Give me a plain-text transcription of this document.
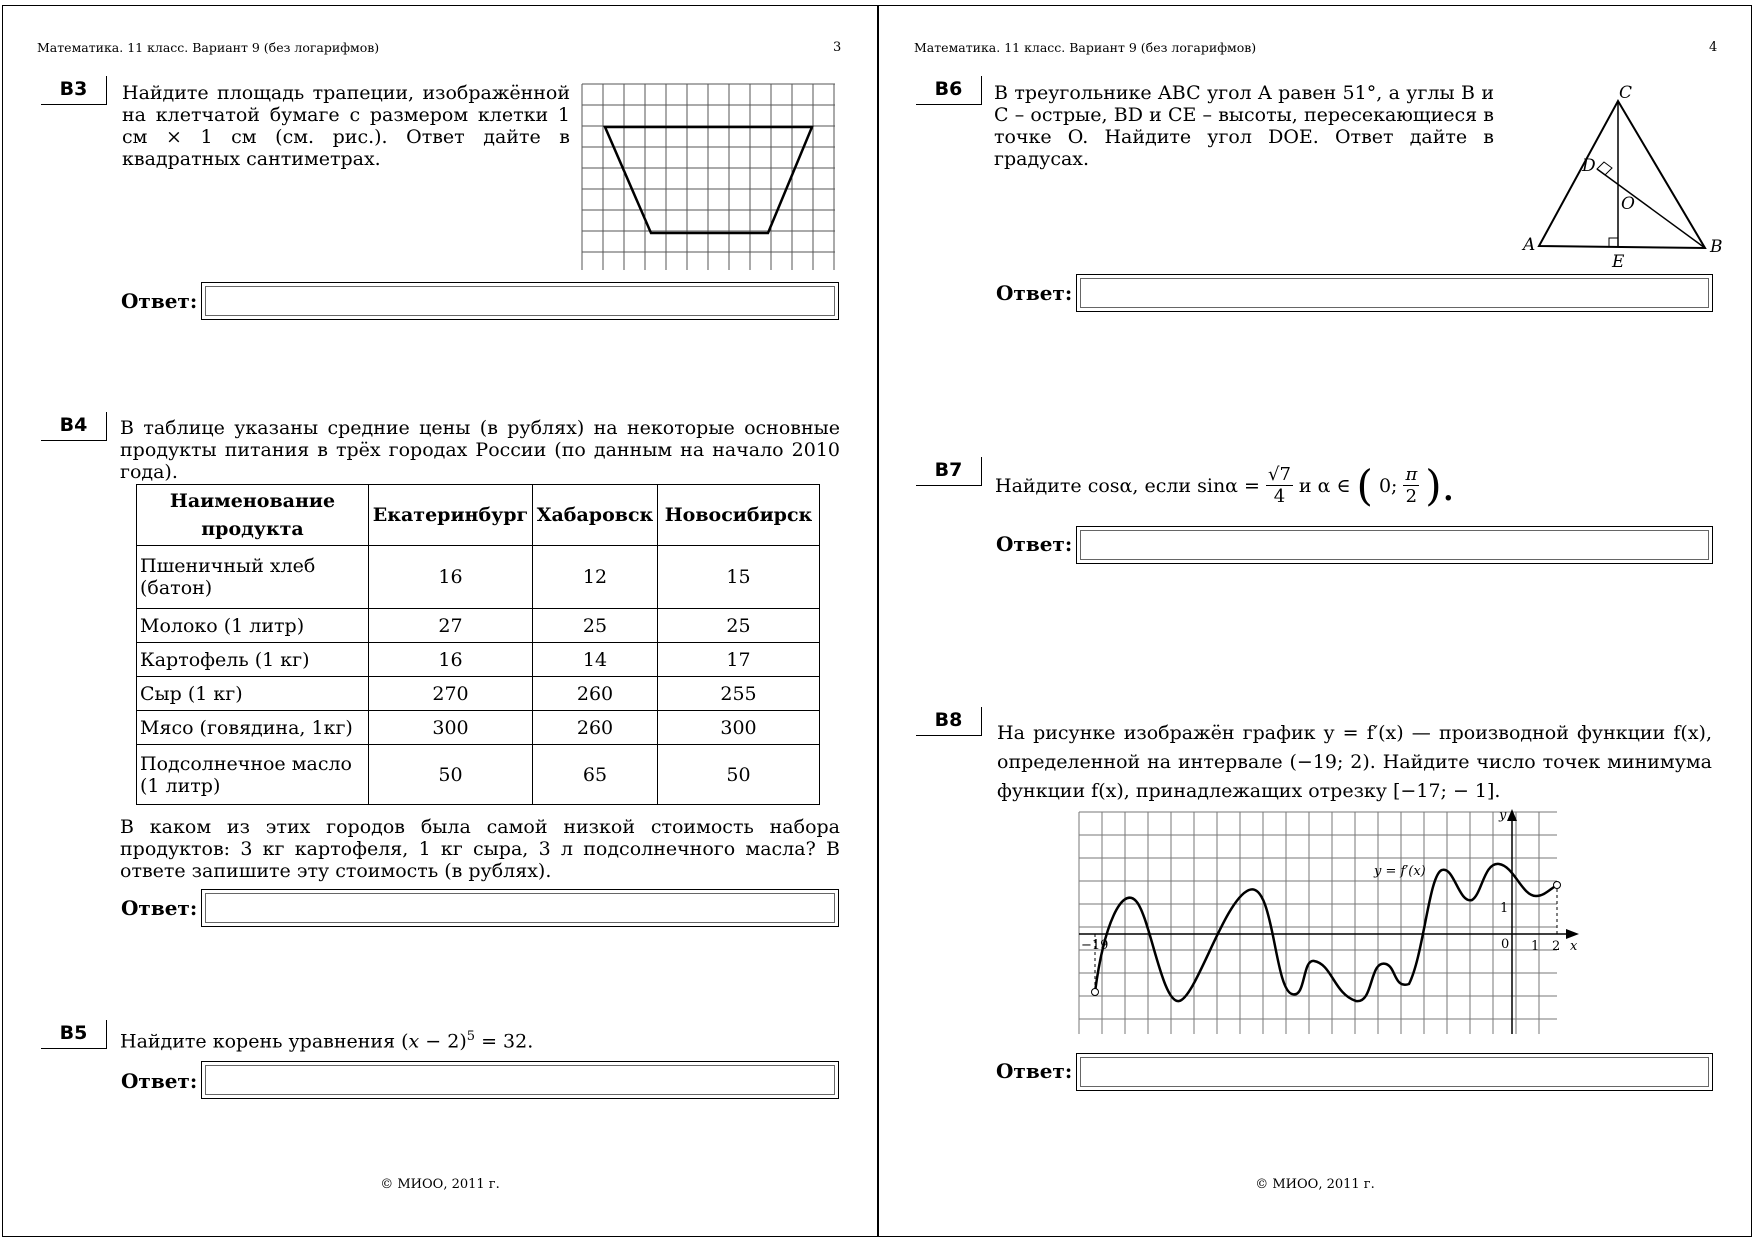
Математика. 11 класс. Вариант 9 (без логарифмов)	3
B3	Найдите площадь трапеции, изображённой на клетчатой бумаге с размером клетки 1 см × 1 см (см. рис.). Ответ дайте в квадратных сантиметрах.
Ответ:
B4	В таблице указаны средние цены (в рублях) на некоторые основные продукты питания в трёх городах России (по данным на начало 2010 года).
Наименование продукта	Екатеринбург	Хабаровск	Новосибирск
Пшеничный хлеб (батон)	16	12	15
Молоко (1 литр)	27	25	25
Картофель (1 кг)	16	14	17
Сыр (1 кг)	270	260	255
Мясо (говядина, 1кг)	300	260	300
Подсолнечное масло (1 литр)	50	65	50
В каком из этих городов была самой низкой стоимость набора продуктов: 3 кг картофеля, 1 кг сыра, 3 л подсолнечного масла? В ответе запишите эту стоимость (в рублях).
Ответ:
B5	Найдите корень уравнения $(x - 2)^5 = 32$.
Ответ:
© МИОО, 2011 г.
Математика. 11 класс. Вариант 9 (без логарифмов)	4
B6	В треугольнике ABC угол A равен 51°, а углы B и C – острые, BD и CE – высоты, пересекающиеся в точке O. Найдите угол DOE. Ответ дайте в градусах.
A	B
C
D
E
O
Ответ:
B7
Найдите cosα, если $\sin\alpha = \frac{√7}{4}$ и α ∈ ( 0; $\frac{\pi}{2}$ ).
Ответ:
B8
На рисунке изображён график y = f′(x) — производной функции f(x), определенной на интервале (−19; 2). Найдите число точек минимума функции f(x), принадлежащих отрезку [−17; − 1].
y = f′(x)
−19	0 1 2
1
x
y
Ответ:
© МИОО, 2011 г.
